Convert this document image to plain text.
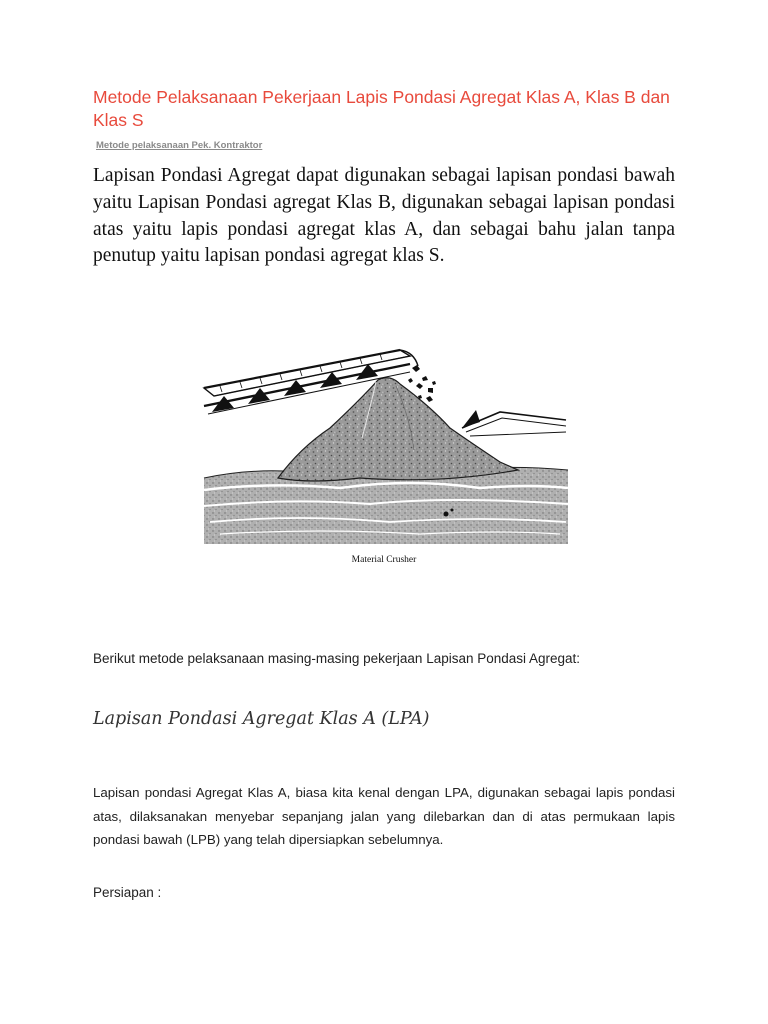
Metode Pelaksanaan Pekerjaan Lapis Pondasi Agregat Klas A, Klas B dan Klas S

Metode pelaksanaan Pek. Kontraktor

Lapisan Pondasi Agregat dapat digunakan sebagai lapisan pondasi bawah yaitu Lapisan Pondasi agregat Klas B, digunakan sebagai lapisan pondasi atas yaitu lapis pondasi agregat klas A, dan sebagai bahu jalan tanpa penutup yaitu lapisan pondasi agregat klas S.

Material Crusher

Berikut metode pelaksanaan masing-masing pekerjaan Lapisan Pondasi Agregat:

Lapisan Pondasi Agregat Klas A (LPA)

Lapisan pondasi Agregat Klas A, biasa kita kenal dengan LPA, digunakan sebagai lapis pondasi atas, dilaksanakan menyebar sepanjang jalan yang dilebarkan dan di atas permukaan lapis pondasi bawah (LPB) yang telah dipersiapkan sebelumnya.

Persiapan :
